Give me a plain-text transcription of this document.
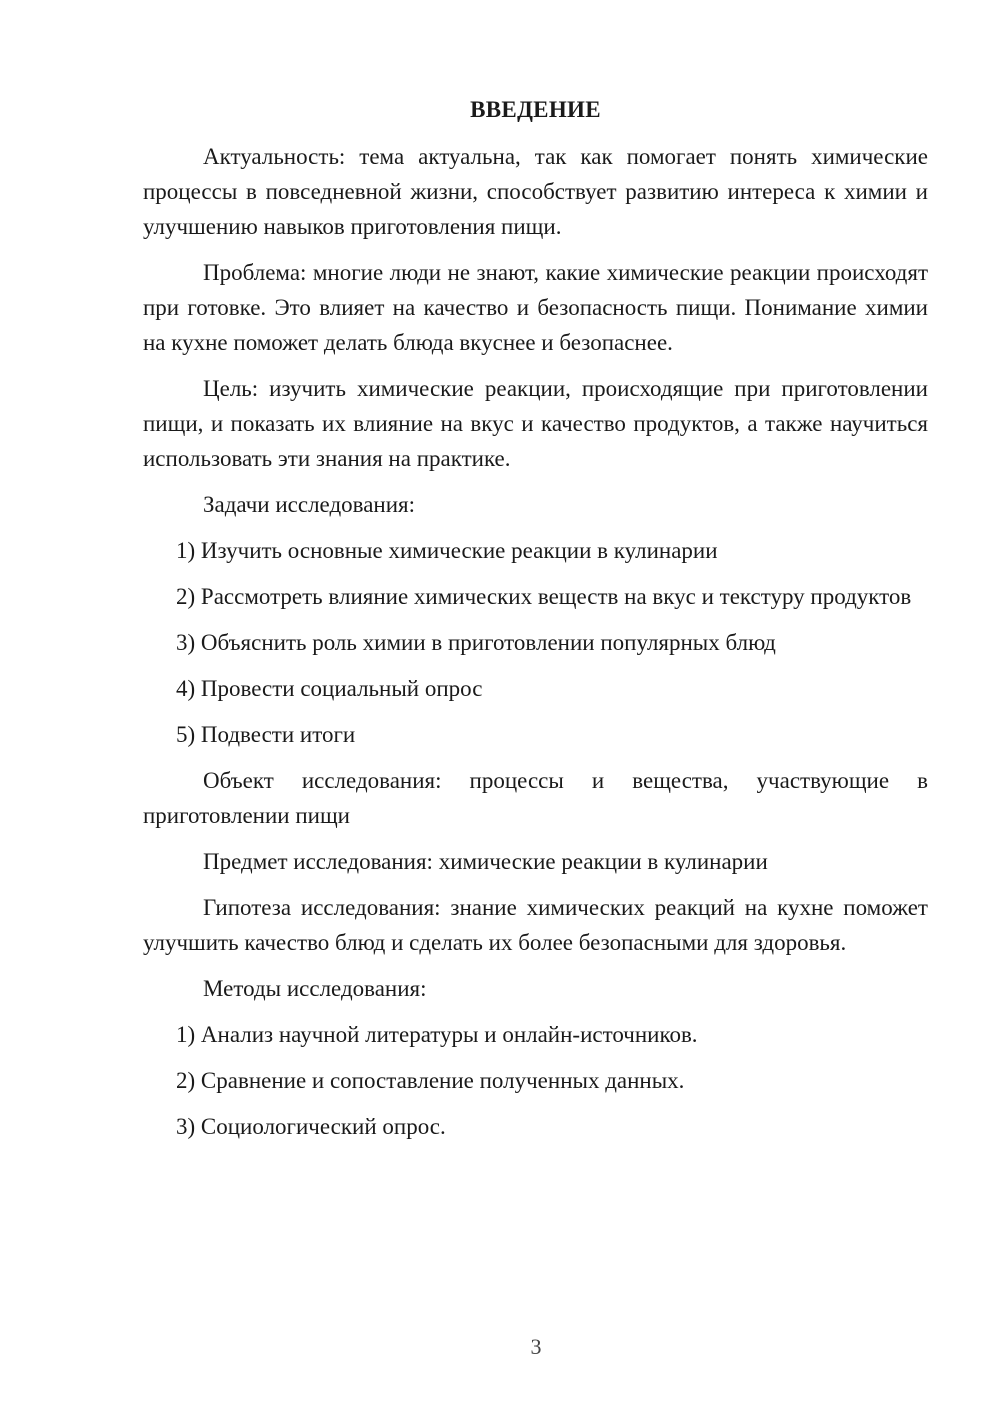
ВВЕДЕНИЕ

Актуальность: тема актуальна, так как помогает понять химические процессы в повседневной жизни, способствует развитию интереса к химии и улучшению навыков приготовления пищи.

Проблема: многие люди не знают, какие химические реакции происходят при готовке. Это влияет на качество и безопасность пищи. Понимание химии на кухне поможет делать блюда вкуснее и безопаснее.

Цель: изучить химические реакции, происходящие при приготовлении пищи, и показать их влияние на вкус и качество продуктов, а также научиться использовать эти знания на практике.

Задачи исследования:

1) Изучить основные химические реакции в кулинарии

2) Рассмотреть влияние химических веществ на вкус и текстуру продуктов

3) Объяснить роль химии в приготовлении популярных блюд

4) Провести социальный опрос

5) Подвести итоги

Объект исследования: процессы и вещества, участвующие в приготовлении пищи

Предмет исследования: химические реакции в кулинарии

Гипотеза исследования: знание химических реакций на кухне поможет улучшить качество блюд и сделать их более безопасными для здоровья.

Методы исследования:

1) Анализ научной литературы и онлайн-источников.

2) Сравнение и сопоставление полученных данных.

3) Социологический опрос.

3
